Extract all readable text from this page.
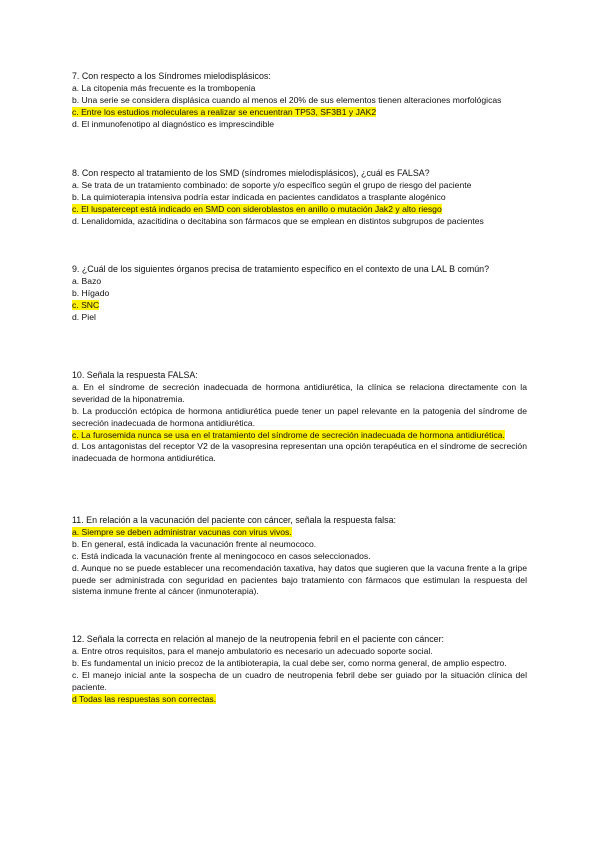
7. Con respecto a los Síndromes mielodisplásicos:

a. La citopenia más frecuente es la trombopenia

b. Una serie se considera displásica cuando al menos el 20% de sus elementos tienen alteraciones morfológicas

c. Entre los estudios moleculares a realizar se encuentran TP53, SF3B1 y JAK2

d. El inmunofenotipo al diagnóstico es imprescindible

8. Con respecto al tratamiento de los SMD (síndromes mielodisplásicos), ¿cuál es FALSA?

a. Se trata de un tratamiento combinado: de soporte y/o específico según el grupo de riesgo del paciente

b. La quimioterapia intensiva podría estar indicada en pacientes candidatos a trasplante alogénico

c. El luspatercept está indicado en SMD con sideroblastos en anillo o mutación Jak2 y alto riesgo

d. Lenalidomida, azacitidina o decitabina son fármacos que se emplean en distintos subgrupos de pacientes

9. ¿Cuál de los siguientes órganos precisa de tratamiento específico en el contexto de una LAL B común?

a. Bazo

b. Hígado

c. SNC

d. Piel

10. Señala la respuesta FALSA:

a. En el síndrome de secreción inadecuada de hormona antidiurética, la clínica se relaciona directamente con la severidad de la hiponatremia.

b. La producción ectópica de hormona antidiurética puede tener un papel relevante en la patogenia del síndrome de secreción inadecuada de hormona antidiurética.

c. La furosemida nunca se usa en el tratamiento del síndrome de secreción inadecuada de hormona antidiurética.

d. Los antagonistas del receptor V2 de la vasopresina representan una opción terapéutica en el síndrome de secreción inadecuada de hormona antidiurética.

11. En relación a la vacunación del paciente con cáncer, señala la respuesta falsa:

a. Siempre se deben administrar vacunas con virus vivos.

b. En general, está indicada la vacunación frente al neumococo.

c. Está indicada la vacunación frente al meningococo en casos seleccionados.

d. Aunque no se puede establecer una recomendación taxativa, hay datos que sugieren que la vacuna frente a la gripe puede ser administrada con seguridad en pacientes bajo tratamiento con fármacos que estimulan la respuesta del sistema inmune frente al cáncer (inmunoterapia).

12. Señala la correcta en relación al manejo de la neutropenia febril en el paciente con cáncer:

a. Entre otros requisitos, para el manejo ambulatorio es necesario un adecuado soporte social.

b. Es fundamental un inicio precoz de la antibioterapia, la cual debe ser, como norma general, de amplio espectro.

c. El manejo inicial ante la sospecha de un cuadro de neutropenia febril debe ser guiado por la situación clínica del paciente.

d Todas las respuestas son correctas.
